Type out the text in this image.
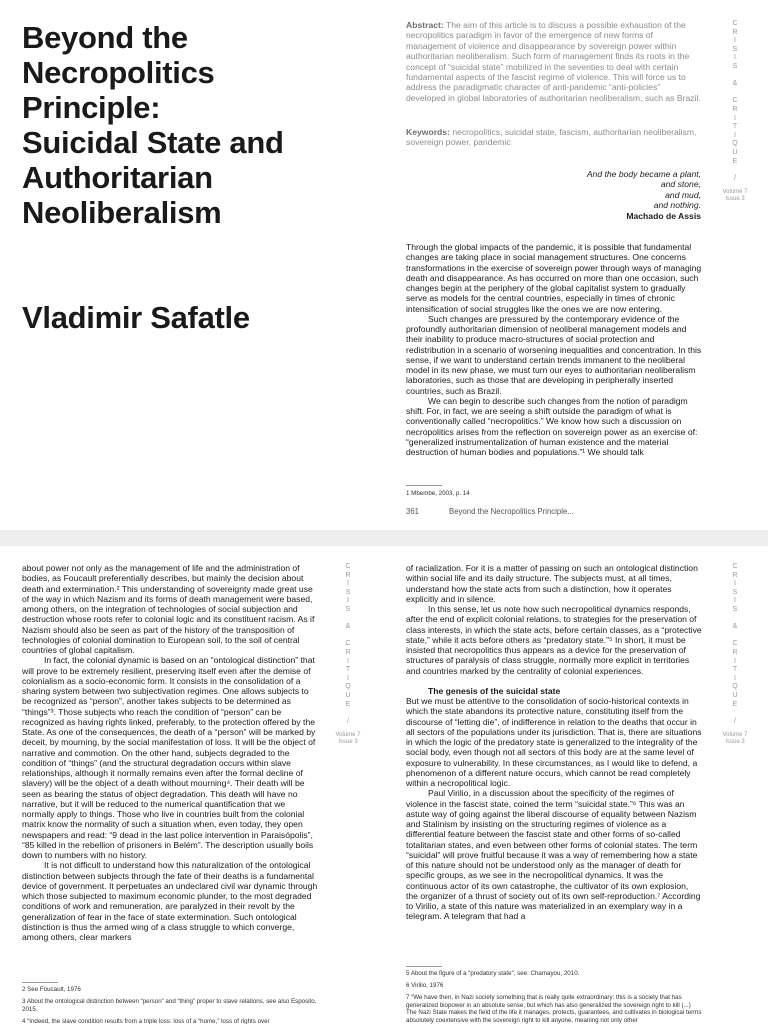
Beyond the
Necropolitics
Principle:
Suicidal State and
Authoritarian
Neoliberalism
Vladimir Safatle
Abstract: The aim of this article is to discuss a possible exhaustion of the necropolitics paradigm in favor of the emergence of new forms of management of violence and disappearance by sovereign power within authoritarian neoliberalism. Such form of management finds its roots in the concept of “suicidal state” mobilized in the seventies to deal with certain fundamental aspects of the fascist regime of violence. This will force us to address the paradigmatic character of anti-pandemic “anti-policies” developed in global laboratories of authoritarian neoliberalism, such as Brazil.
Keywords: necropolitics, suicidal state, fascism, authoritarian neoliberalism, sovereign power, pandemic
And the body became a plant,
and stone,
and mud,
and nothing.
Machado de Assis

Through the global impacts of the pandemic, it is possible that fundamental changes are taking place in social management structures. One concerns transformations in the exercise of sovereign power through ways of managing death and disappearance. As has occurred on more than one occasion, such changes begin at the periphery of the global capitalist system to gradually serve as models for the central countries, especially in times of chronic intensification of social struggles like the ones we are now entering.

Such changes are pressured by the contemporary evidence of the profoundly authoritarian dimension of neoliberal management models and their inability to produce macro-structures of social protection and redistribution in a scenario of worsening inequalities and concentration. In this sense, if we want to understand certain trends immanent to the neoliberal model in its new phase, we must turn our eyes to authoritarian neoliberalism laboratories, such as those that are developing in peripherally inserted countries, such as Brazil.

We can begin to describe such changes from the notion of paradigm shift. For, in fact, we are seeing a shift outside the paradigm of what is conventionally called “necropolitics.” We know how such a discussion on necropolitics arises from the reflection on sovereign power as an exercise of: “generalized instrumentalization of human existence and the material destruction of human bodies and populations.”¹ We should talk

1 Mbembe, 2003, p. 14
361	Beyond the Necropolitics Principle...
C
R
I
S
I
S

&

C
R
I
T
I
Q
U
E

/
Volume 7
Issue 3

about power not only as the management of life and the administration of bodies, as Foucault preferentially describes, but mainly the decision about death and extermination.² This understanding of sovereignty made great use of the way in which Nazism and its forms of death management were based, among others, on the integration of technologies of social subjection and destruction whose roots refer to colonial logic and its constituent racism. As if Nazism should also be seen as part of the history of the transposition of technologies of colonial domination to European soil, to the soil of central countries of global capitalism.

In fact, the colonial dynamic is based on an “ontological distinction” that will prove to be extremely resilient, preserving itself even after the demise of colonialism as a socio-economic form. It consists in the consolidation of a sharing system between two subjectivation regimes. One allows subjects to be recognized as “person”, another takes subjects to be determined as “things”³. Those subjects who reach the condition of “person” can be recognized as having rights linked, preferably, to the protection offered by the State. As one of the consequences, the death of a “person” will be marked by deceit, by mourning, by the social manifestation of loss. It will be the object of narrative and commotion. On the other hand, subjects degraded to the condition of “things” (and the structural degradation occurs within slave relationships, although it normally remains even after the formal decline of slavery) will be the object of a death without mourning⁴. Their death will be seen as bearing the status of object degradation. This death will have no narrative, but it will be reduced to the numerical quantification that we normally apply to things. Those who live in countries built from the colonial matrix know the normality of such a situation when, even today, they open newspapers and read: “9 dead in the last police intervention in Paraisópolis”, “85 killed in the rebellion of prisoners in Belém”. The description usually boils down to numbers with no history.

It is not difficult to understand how this naturalization of the ontological distinction between subjects through the fate of their deaths is a fundamental device of government. It perpetuates an undeclared civil war dynamic through which those subjected to maximum economic plunder, to the most degraded conditions of work and remuneration, are paralyzed in their revolt by the generalization of fear in the face of state extermination. Such ontological distinction is thus the armed wing of a class struggle to which converge, among others, clear markers

of racialization. For it is a matter of passing on such an ontological distinction within social life and its daily structure. The subjects must, at all times, understand how the state acts from such a distinction, how it operates explicitly and in silence.

In this sense, let us note how such necropolitical dynamics responds, after the end of explicit colonial relations, to strategies for the preservation of class interests, in which the state acts, before certain classes, as a “protective state,” while it acts before others as “predatory state.”⁵ In short, it must be insisted that necropolitics thus appears as a device for the preservation of structures of paralysis of class struggle, normally more explicit in territories and countries marked by the centrality of colonial experiences.

The genesis of the suicidal state

But we must be attentive to the consolidation of socio-historical contexts in which the state abandons its protective nature, constituting itself from the discourse of “letting die”, of indifference in relation to the deaths that occur in all sectors of the populations under its jurisdiction. That is, there are situations in which the logic of the predatory state is generalized to the integrality of the social body, even though not all sectors of this body are at the same level of exposure to vulnerability. In these circumstances, as I would like to defend, a phenomenon of a different nature occurs, which cannot be read completely within a necropolitical logic.

Paul Virilio, in a discussion about the specificity of the regimes of violence in the fascist state, coined the term “suicidal state.”⁶ This was an astute way of going against the liberal discourse of equality between Nazism and Stalinism by insisting on the structuring regimes of violence as a differential feature between the fascist state and other forms of so-called totalitarian states, and even between other forms of colonial states. The term “suicidal” will prove fruitful because it was a way of remembering how a state of this nature should not be understood only as the manager of death for specific groups, as we see in the necropolitical dynamics. It was the continuous actor of its own catastrophe, the cultivator of its own explosion, the organizer of a thrust of society out of its own self-reproduction.⁷ According to Virilio, a state of this nature was materialized in an exemplary way in a telegram. A telegram that had a

2 See Foucault, 1976
3 About the ontological distinction between “person” and “thing” proper to slave relations, see also Esposito, 2015.
4 “Indeed, the slave condition results from a triple loss: loss of a “home,” loss of rights over
5 About the figure of a “predatory state”, see: Chamayou, 2010.
6 Virilio, 1976
7 “We have then, in Nazi society something that is really quite extraordinary: this is a society that has generalized biopower in an absolute sense, but which has also generalized the sovereign right to kill (...) The Nazi State makes the field of the life it manages, protects, guarantees, and cultivates in biological terms absolutely coextensive with the sovereign right to kill anyone, meaning not only other
C
R
I
S
I
S

&

C
R
I
T
I
Q
U
E

/
Volume 7
Issue 3
C
R
I
S
I
S

&

C
R
I
T
I
Q
U
E

/
Volume 7
Issue 3
